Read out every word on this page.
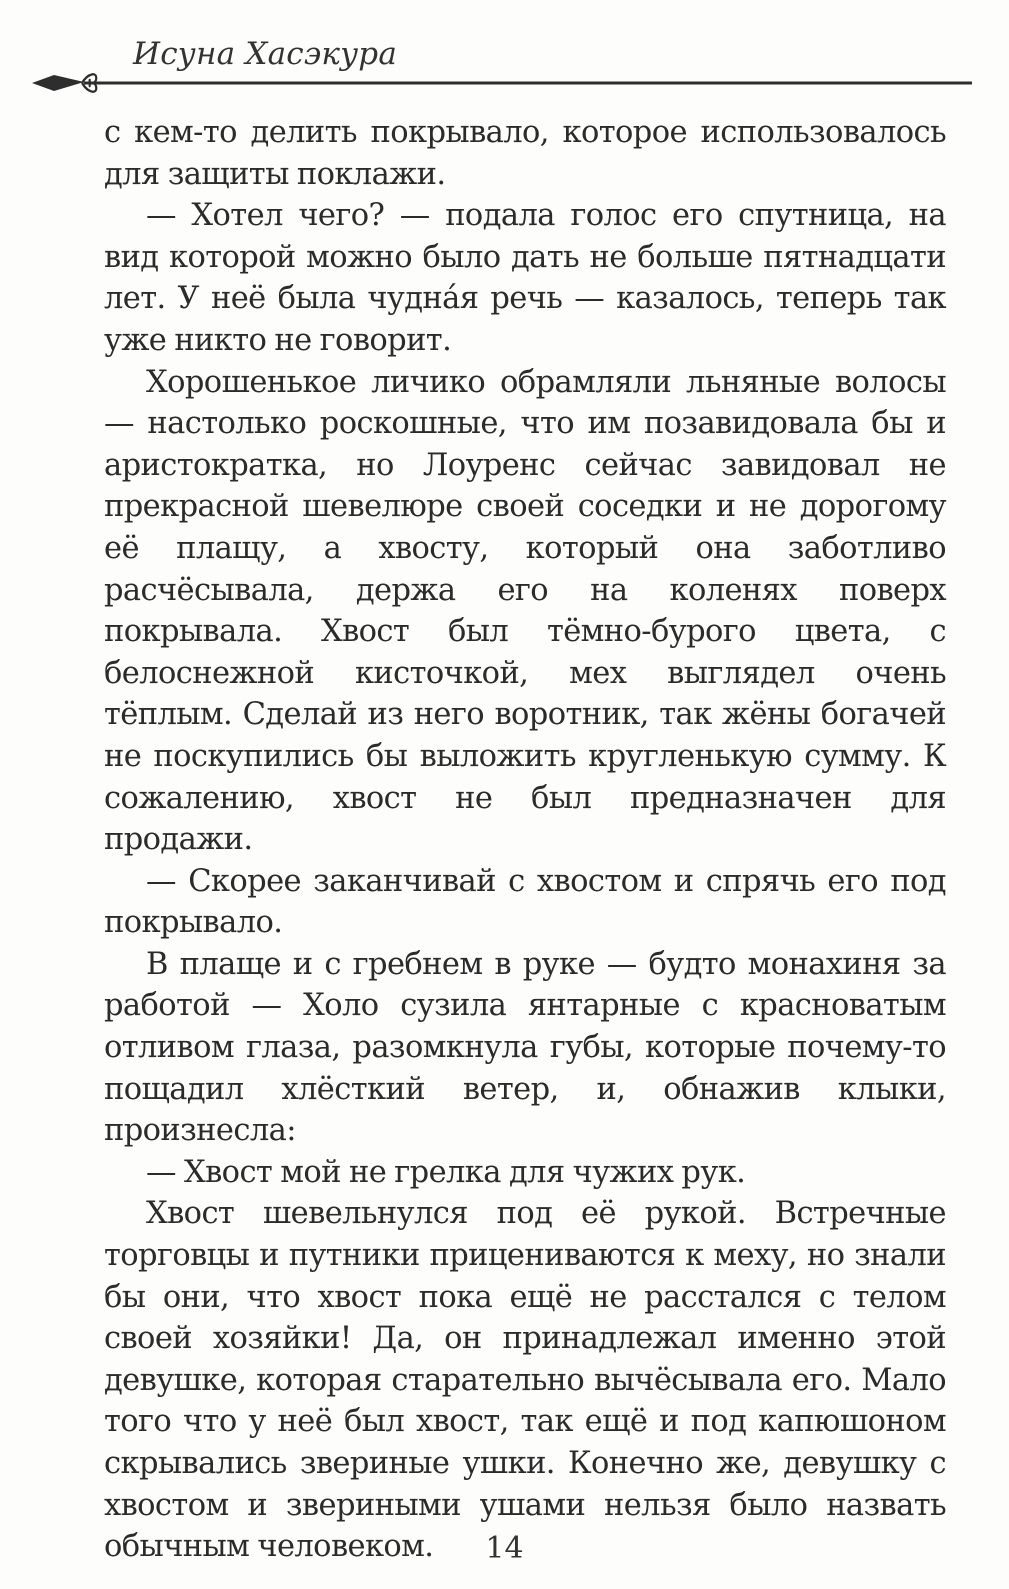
Исуна Хасэкура

с кем-то делить покрывало, которое использовалось для защиты поклажи.

— Хотел чего? — подала голос его спутница, на вид которой можно было дать не больше пятнадцати лет. У неё была чудна́я речь — казалось, теперь так уже никто не говорит.

Хорошенькое личико обрамляли льняные волосы — настолько роскошные, что им позавидовала бы и аристократка, но Лоуренс сейчас завидовал не прекрасной шевелюре своей соседки и не дорогому её плащу, а хвосту, который она заботливо расчёсывала, держа его на коленях поверх покрывала. Хвост был тёмно-бурого цвета, с белоснежной кисточкой, мех выглядел очень тёплым. Сделай из него воротник, так жёны богачей не поскупились бы выложить кругленькую сумму. К сожалению, хвост не был предназначен для продажи.

— Скорее заканчивай с хвостом и спрячь его под покрывало.

В плаще и с гребнем в руке — будто монахиня за работой — Холо сузила янтарные с красноватым отливом глаза, разомкнула губы, которые почему-то пощадил хлёсткий ветер, и, обнажив клыки, произнесла:

— Хвост мой не грелка для чужих рук.

Хвост шевельнулся под её рукой. Встречные торговцы и путники прицениваются к меху, но знали бы они, что хвост пока ещё не расстался с телом своей хозяйки! Да, он принадлежал именно этой девушке, которая старательно вычёсывала его. Мало того что у неё был хвост, так ещё и под капюшоном скрывались звериные ушки. Конечно же, девушку с хвостом и звериными ушами нельзя было назвать обычным человеком.	14
